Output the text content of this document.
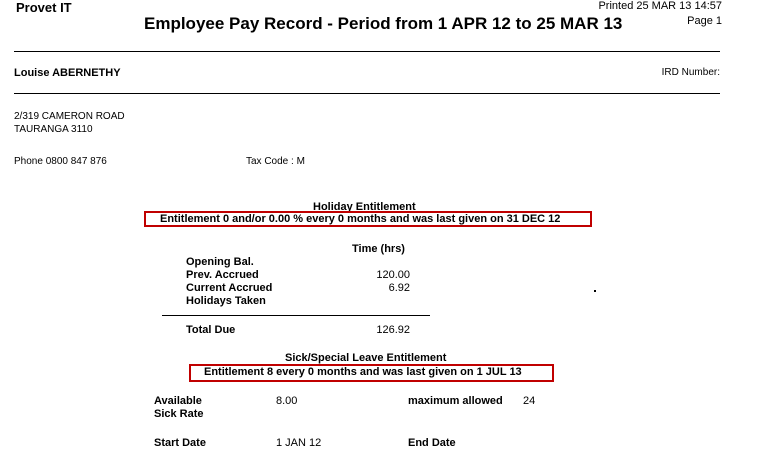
Provet IT	Printed 25 MAR 13 14:57
Page 1
Employee Pay Record - Period from 1 APR 12 to 25 MAR 13
Louise ABERNETHY	IRD Number:
2/319 CAMERON ROAD
TAURANGA 3110
Phone 0800 847 876	Tax Code : M
Holiday Entitlement
Entitlement 0 and/or 0.00 % every 0 months and was last given on 31 DEC 12
Time (hrs)
Opening Bal.
Prev. Accrued	120.00
Current Accrued	6.92
Holidays Taken
Total Due	126.92
Sick/Special Leave Entitlement
Entitlement 8 every 0 months and was last given on 1 JUL 13
Available	8.00	maximum allowed 24
Sick Rate
Start Date	1 JAN 12	End Date
